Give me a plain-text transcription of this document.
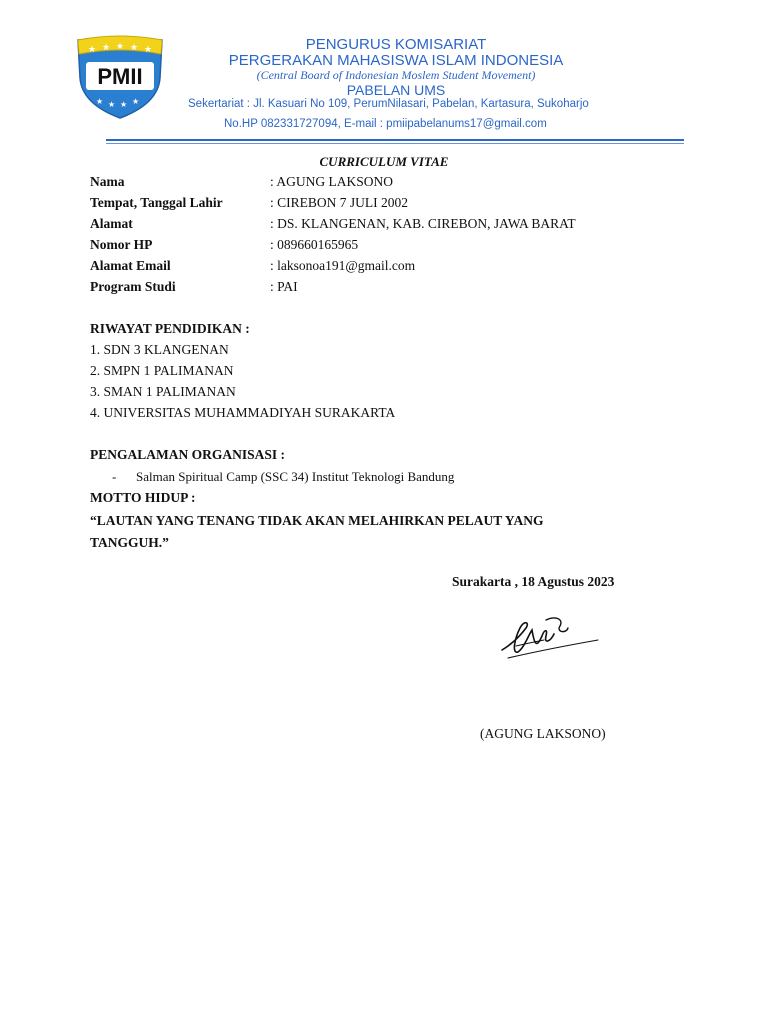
★ ★ ★ ★ ★
★ ★ ★ ★
PMII
PENGURUS KOMISARIAT
PERGERAKAN MAHASISWA ISLAM INDONESIA
(Central Board of Indonesian Moslem Student Movement)
PABELAN UMS
Sekertariat : Jl. Kasuari No 109, PerumNilasari, Pabelan, Kartasura, Sukoharjo
No.HP 082331727094, E-mail : pmiipabelanums17@gmail.com
CURRICULUM VITAE
Nama	: AGUNG LAKSONO
Tempat, Tanggal Lahir	: CIREBON 7 JULI 2002
Alamat	: DS. KLANGENAN, KAB. CIREBON, JAWA BARAT
Nomor HP	: 089660165965
Alamat Email	: laksonoa191@gmail.com
Program Studi	: PAI
RIWAYAT PENDIDIKAN :
1. SDN 3 KLANGENAN
2. SMPN 1 PALIMANAN
3. SMAN 1 PALIMANAN
4. UNIVERSITAS MUHAMMADIYAH SURAKARTA
PENGALAMAN ORGANISASI :
- Salman Spiritual Camp (SSC 34) Institut Teknologi Bandung
MOTTO HIDUP :
“LAUTAN YANG TENANG TIDAK AKAN MELAHIRKAN PELAUT YANG
TANGGUH.”
Surakarta , 18 Agustus 2023
(AGUNG LAKSONO)
